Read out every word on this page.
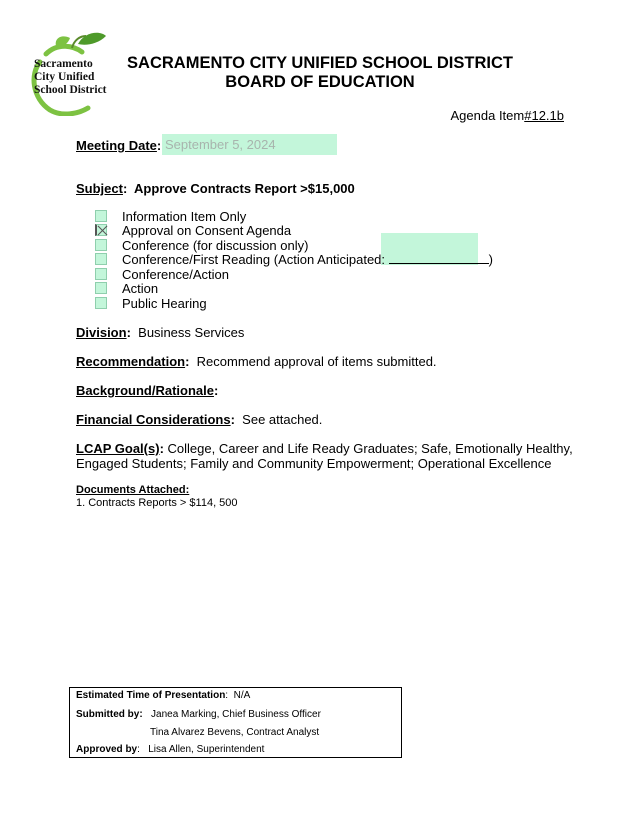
Sacramento
City Unified
School District
SACRAMENTO CITY UNIFIED SCHOOL DISTRICT
BOARD OF EDUCATION
Agenda Item#12.1b
Meeting Date: September 5, 2024
Subject:  Approve Contracts Report >$15,000
Information Item Only
Approval on Consent Agenda
Conference (for discussion only)
Conference/First Reading (Action Anticipated:	)
Conference/Action
Action
Public Hearing
Division: Business Services
Recommendation: Recommend approval of items submitted.
Background/Rationale:
Financial Considerations: See attached.
LCAP Goal(s): College, Career and Life Ready Graduates; Safe, Emotionally Healthy,
Engaged Students; Family and Community Empowerment; Operational Excellence
Documents Attached:
1. Contracts Reports > $114, 500
Estimated Time of Presentation:  N/A
Submitted by: Janea Marking, Chief Business Officer
Tina Alvarez Bevens, Contract Analyst
Approved by:   Lisa Allen, Superintendent
